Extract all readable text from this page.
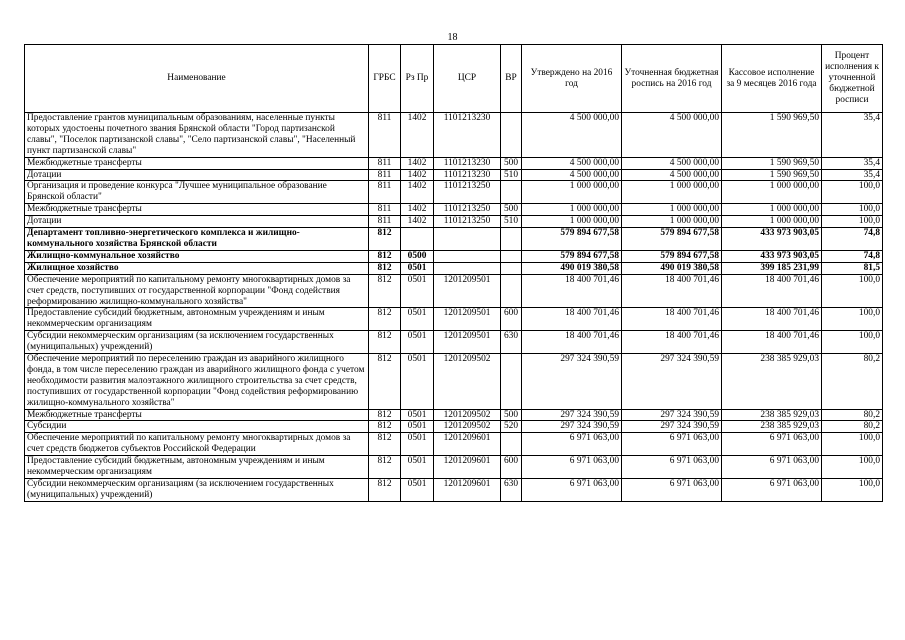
18
Наименование	ГРБС	Рз Пр	ЦСР	ВР	Утверждено на 2016 год	Уточненная бюджетная роспись на 2016 год	Кассовое исполнение за 9 месяцев 2016 года	Процент исполнения к уточненной бюджетной росписи
Предоставление грантов муниципальным образованиям, населенные пункты которых удостоены почетного звания Брянской области "Город партизанской славы", "Поселок партизанской славы", "Село партизанской славы", "Населенный пункт партизанской славы"	811	1402	1101213230		4 500 000,00	4 500 000,00	1 590 969,50	35,4
Межбюджетные трансферты	811	1402	1101213230	500	4 500 000,00	4 500 000,00	1 590 969,50	35,4
Дотации	811	1402	1101213230	510	4 500 000,00	4 500 000,00	1 590 969,50	35,4
Организация и проведение конкурса "Лучшее муниципальное образование Брянской области"	811	1402	1101213250		1 000 000,00	1 000 000,00	1 000 000,00	100,0
Межбюджетные трансферты	811	1402	1101213250	500	1 000 000,00	1 000 000,00	1 000 000,00	100,0
Дотации	811	1402	1101213250	510	1 000 000,00	1 000 000,00	1 000 000,00	100,0
Департамент топливно-энергетического комплекса и жилищно-коммунального хозяйства Брянской области	812				579 894 677,58	579 894 677,58	433 973 903,05	74,8
Жилищно-коммунальное хозяйство	812	0500			579 894 677,58	579 894 677,58	433 973 903,05	74,8
Жилищное хозяйство	812	0501			490 019 380,58	490 019 380,58	399 185 231,99	81,5
Обеспечение мероприятий по капитальному ремонту многоквартирных домов за счет средств, поступивших от государственной корпорации "Фонд содействия реформированию жилищно-коммунального хозяйства"	812	0501	1201209501		18 400 701,46	18 400 701,46	18 400 701,46	100,0
Предоставление субсидий бюджетным, автономным учреждениям и иным некоммерческим организациям	812	0501	1201209501	600	18 400 701,46	18 400 701,46	18 400 701,46	100,0
Субсидии некоммерческим организациям (за исключением государственных (муниципальных) учреждений)	812	0501	1201209501	630	18 400 701,46	18 400 701,46	18 400 701,46	100,0
Обеспечение мероприятий по переселению граждан из аварийного жилищного фонда, в том числе переселению граждан из аварийного жилищного фонда с учетом необходимости развития малоэтажного жилищного строительства за счет средств, поступивших от государственной корпорации "Фонд содействия реформированию жилищно-коммунального хозяйства"	812	0501	1201209502		297 324 390,59	297 324 390,59	238 385 929,03	80,2
Межбюджетные трансферты	812	0501	1201209502	500	297 324 390,59	297 324 390,59	238 385 929,03	80,2
Субсидии	812	0501	1201209502	520	297 324 390,59	297 324 390,59	238 385 929,03	80,2
Обеспечение мероприятий по капитальному ремонту многоквартирных домов за счет средств бюджетов субъектов Российской Федерации	812	0501	1201209601		6 971 063,00	6 971 063,00	6 971 063,00	100,0
Предоставление субсидий бюджетным, автономным учреждениям и иным некоммерческим организациям	812	0501	1201209601	600	6 971 063,00	6 971 063,00	6 971 063,00	100,0
Субсидии некоммерческим организациям (за исключением государственных (муниципальных) учреждений)	812	0501	1201209601	630	6 971 063,00	6 971 063,00	6 971 063,00	100,0
